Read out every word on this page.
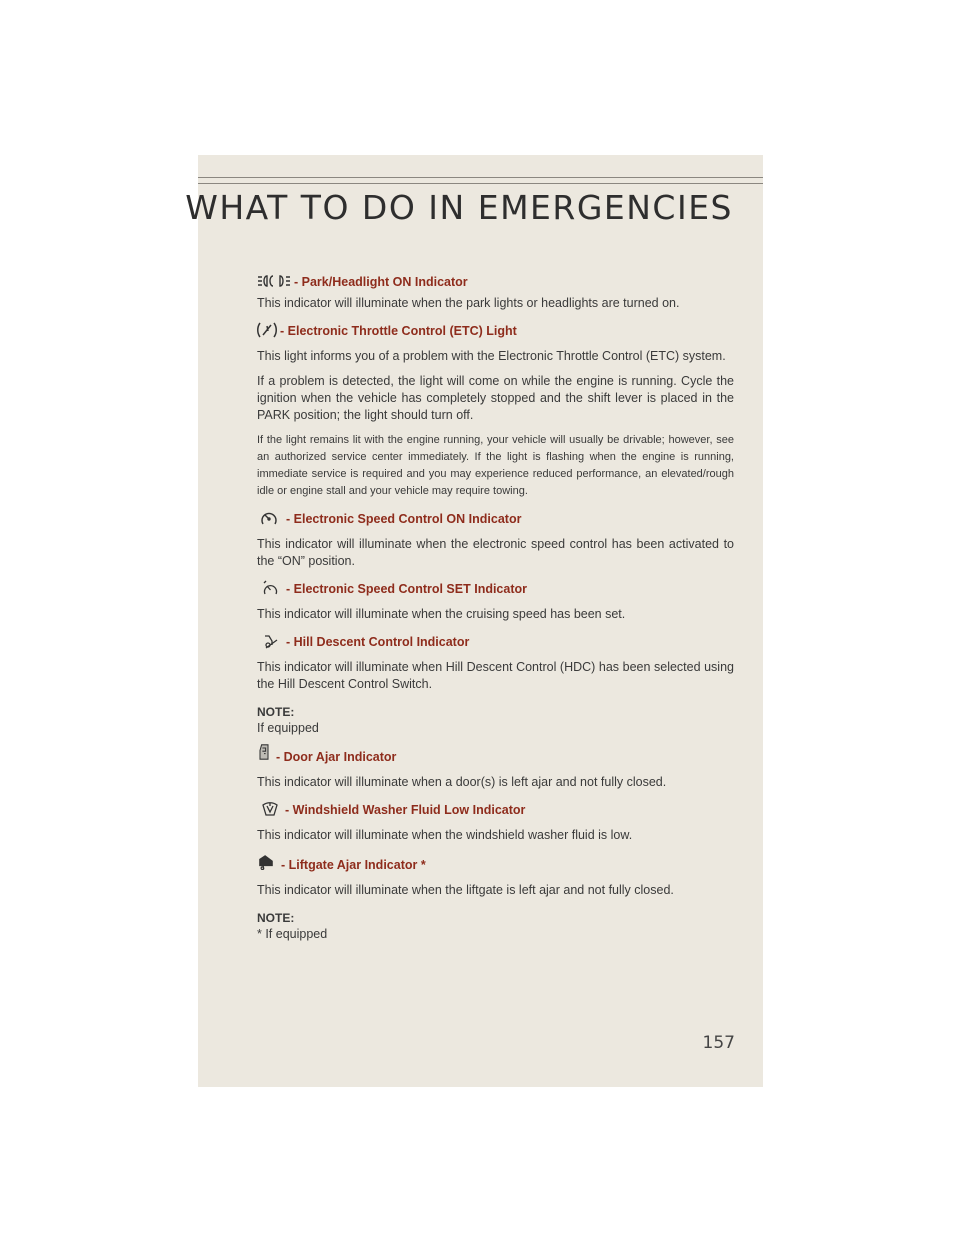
WHAT TO DO IN EMERGENCIES
- Park/Headlight ON Indicator
This indicator will illuminate when the park lights or headlights are turned on.
- Electronic Throttle Control (ETC) Light
This light informs you of a problem with the Electronic Throttle Control (ETC) system.
If a problem is detected, the light will come on while the engine is running. Cycle the ignition when the vehicle has completely stopped and the shift lever is placed in the PARK position; the light should turn off.
If the light remains lit with the engine running, your vehicle will usually be drivable; however, see an authorized service center immediately. If the light is flashing when the engine is running, immediate service is required and you may experience reduced performance, an elevated/rough idle or engine stall and your vehicle may require towing.
- Electronic Speed Control ON Indicator
This indicator will illuminate when the electronic speed control has been activated to the “ON” position.
- Electronic Speed Control SET Indicator
This indicator will illuminate when the cruising speed has been set.
- Hill Descent Control Indicator
This indicator will illuminate when Hill Descent Control (HDC) has been selected using the Hill Descent Control Switch.
NOTE:
If equipped
- Door Ajar Indicator
This indicator will illuminate when a door(s) is left ajar and not fully closed.
- Windshield Washer Fluid Low Indicator
This indicator will illuminate when the windshield washer fluid is low.
- Liftgate Ajar Indicator *
This indicator will illuminate when the liftgate is left ajar and not fully closed.
NOTE:
* If equipped
157
